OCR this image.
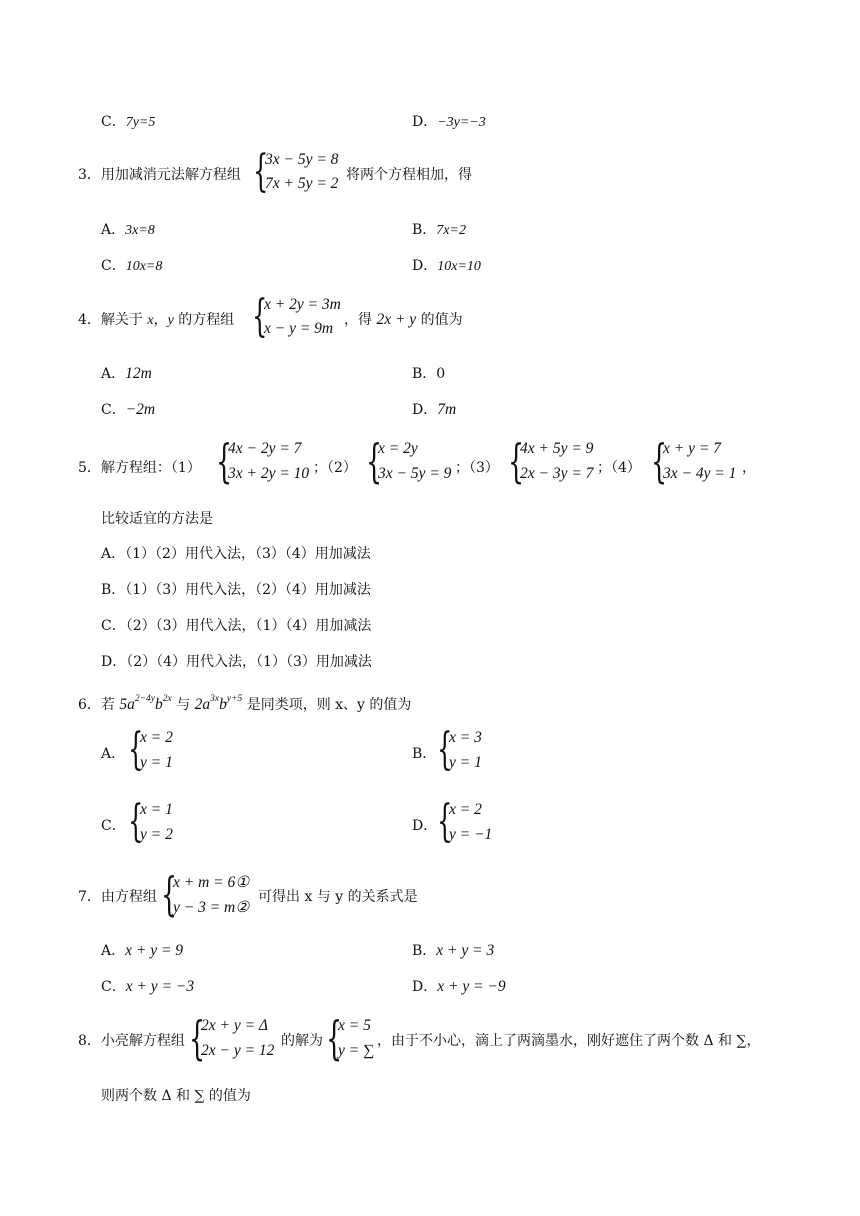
C．7y=5	D．−3y=−3
3．用加减消元法解方程组 {
3x − 5y = 8
7x + 5y = 2 将两个方程相加，得
A．3x=8	B．7x=2
C．10x=8	D．10x=10
4．解关于 x，y 的方程组 {
x + 2y = 3m
x − y = 9m ，得 2x + y 的值为
A．12m	B．0
C．−2m	D．7m
5．解方程组：（1） {
4x − 2y = 7
3x + 2y = 10 ；（2） {
x = 2y
3x − 5y = 9 ；（3） {
4x + 5y = 9
2x − 3y = 7 ；（4） {
x + y = 7
3x − 4y = 1 ，
比较适宜的方法是
A．（1）（2）用代入法，（3）（4）用加减法
B．（1）（3）用代入法，（2）（4）用加减法
C．（2）（3）用代入法，（1）（4）用加减法
D．（2）（4）用代入法，（1）（3）用加减法
6．若 $5a^{2-4y}b^{2x}$ 与 $2a^{3x}b^{y+5}$ 是同类项，则 x、y 的值为
A． {
x = 2
y = 1	B． {
x = 3
y = 1
C． {
x = 1
y = 2	D． {
x = 2
y = −1
7．由方程组 {
x + m = 6①
y − 3 = m②
可得出 x 与 y 的关系式是
A．x + y = 9	B．x + y = 3
C．x + y = −3	D．x + y = −9
8．小亮解方程组 {
2x + y = Δ
2x − y = 12
的解为 {
x = 5
y = ∑
，由于不小心，滴上了两滴墨水，刚好遮住了两个数 Δ 和 ∑，
则两个数 Δ 和 ∑ 的值为
